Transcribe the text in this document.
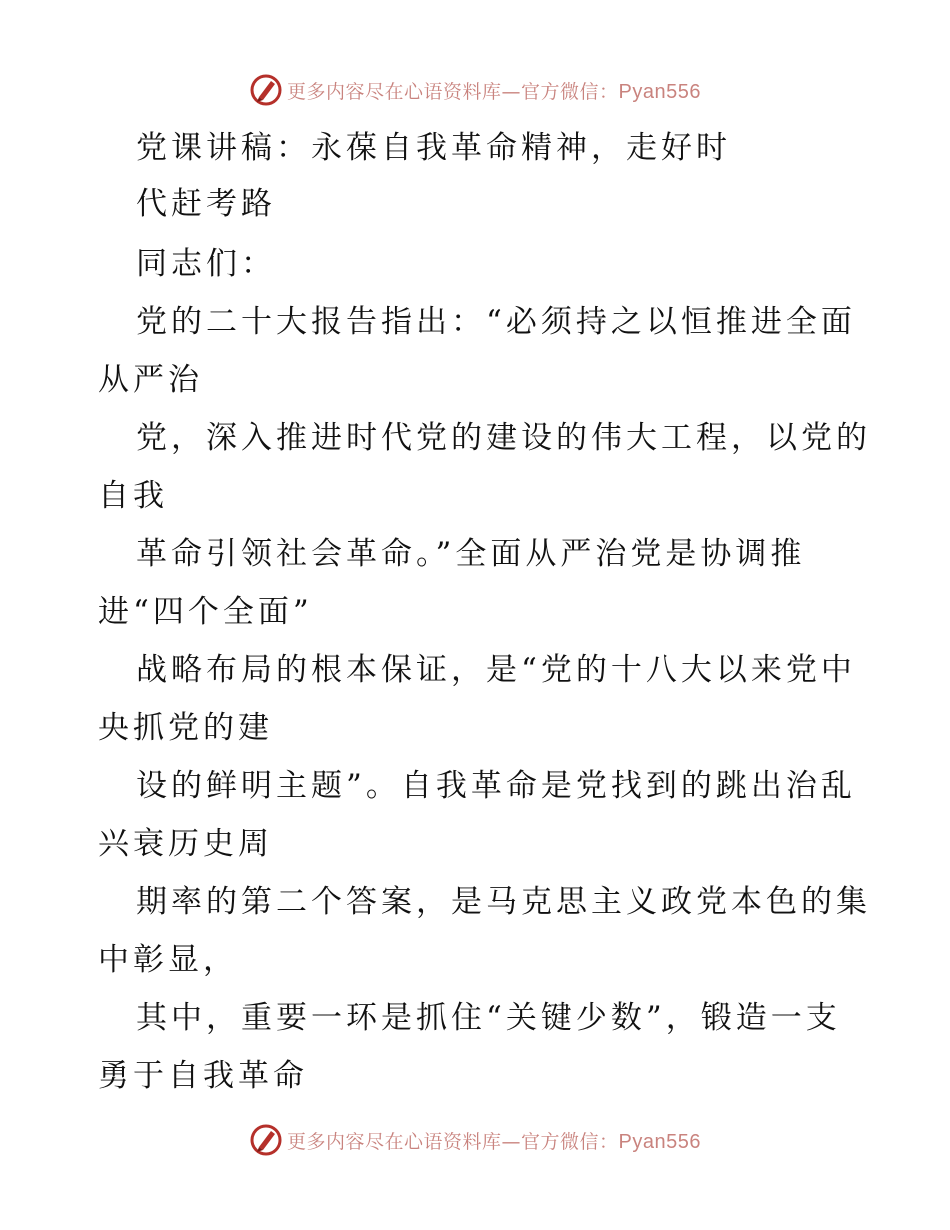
更多内容尽在心语资料库—官方微信：Pyan556
党课讲稿：永葆自我革命精神，走好时
代赶考路
同志们：
党的二十大报告指出：“必须持之以恒推进全面
从严治
党，深入推进时代党的建设的伟大工程，以党的
自我
革命引领社会革命。”全面从严治党是协调推
进“四个全面”
战略布局的根本保证，是“党的十八大以来党中
央抓党的建
设的鲜明主题”。自我革命是党找到的跳出治乱
兴衰历史周
期率的第二个答案，是马克思主义政党本色的集
中彰显，
其中，重要一环是抓住“关键少数”，锻造一支
勇于自我革命
更多内容尽在心语资料库—官方微信：Pyan556
